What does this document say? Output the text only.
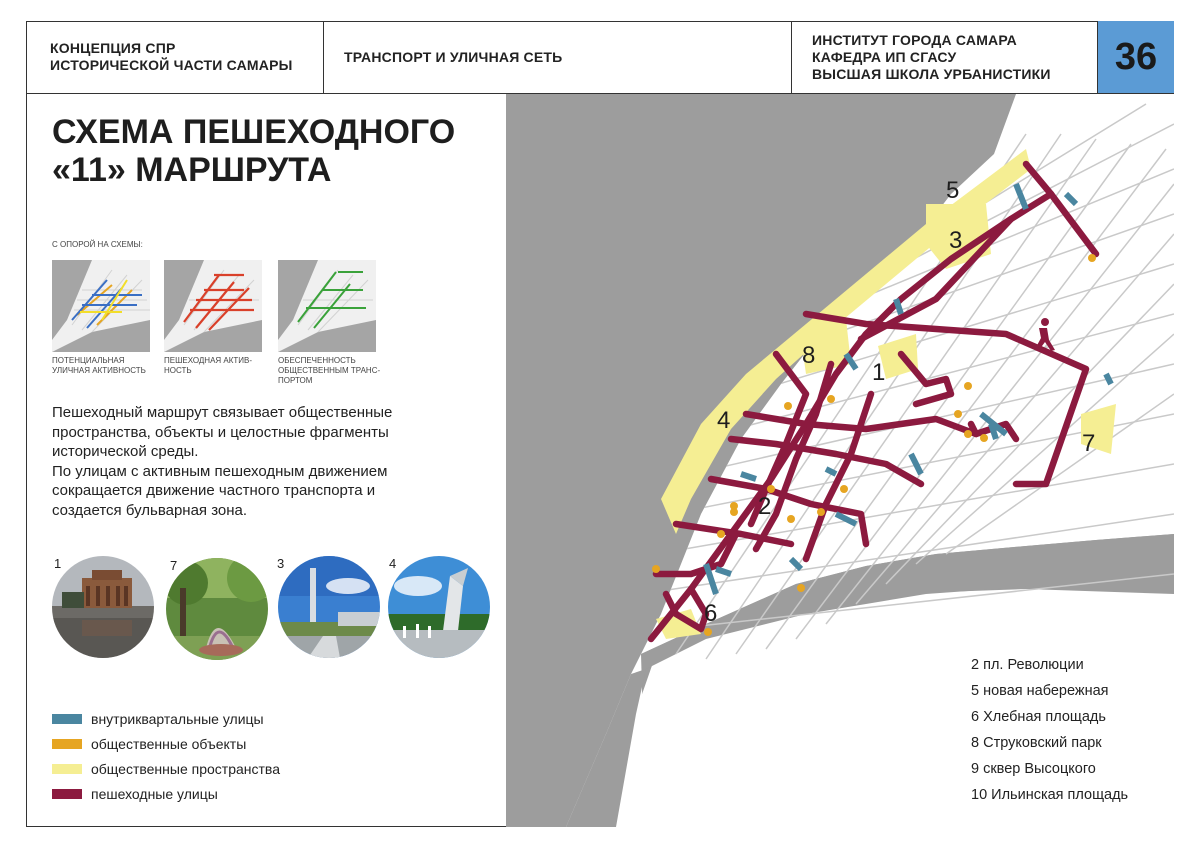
КОНЦЕПЦИЯ СПР
ИСТОРИЧЕСКОЙ ЧАСТИ САМАРЫ
ТРАНСПОРТ И УЛИЧНАЯ СЕТЬ
ИНСТИТУТ ГОРОДА САМАРА
КАФЕДРА ИП СГАСУ
ВЫСШАЯ ШКОЛА УРБАНИСТИКИ	36
СХЕМА ПЕШЕХОДНОГО
«11» МАРШРУТА
С ОПОРОЙ НА СХЕМЫ:
ПОТЕНЦИАЛЬНАЯ
УЛИЧНАЯ АКТИВНОСТЬ
ПЕШЕХОДНАЯ АКТИВ-
НОСТЬ
ОБЕСПЕЧЕННОСТЬ
ОБЩЕСТВЕННЫМ ТРАНС-
ПОРТОМ
Пешеходный маршрут связывает общественные
пространства, объекты и целостные фрагменты
исторической среды.
По улицам с активным пешеходным движением
сокращается движение частного транспорта и
создается бульварная зона.
1	7	3	4
внутриквартальные улицы
общественные объекты
общественные пространства
пешеходные улицы
1
2
3
4
5
6
7
8
2 пл. Революции
5 новая набережная
6 Хлебная площадь
8 Струковский парк
9 сквер Высоцкого
10 Ильинская площадь
